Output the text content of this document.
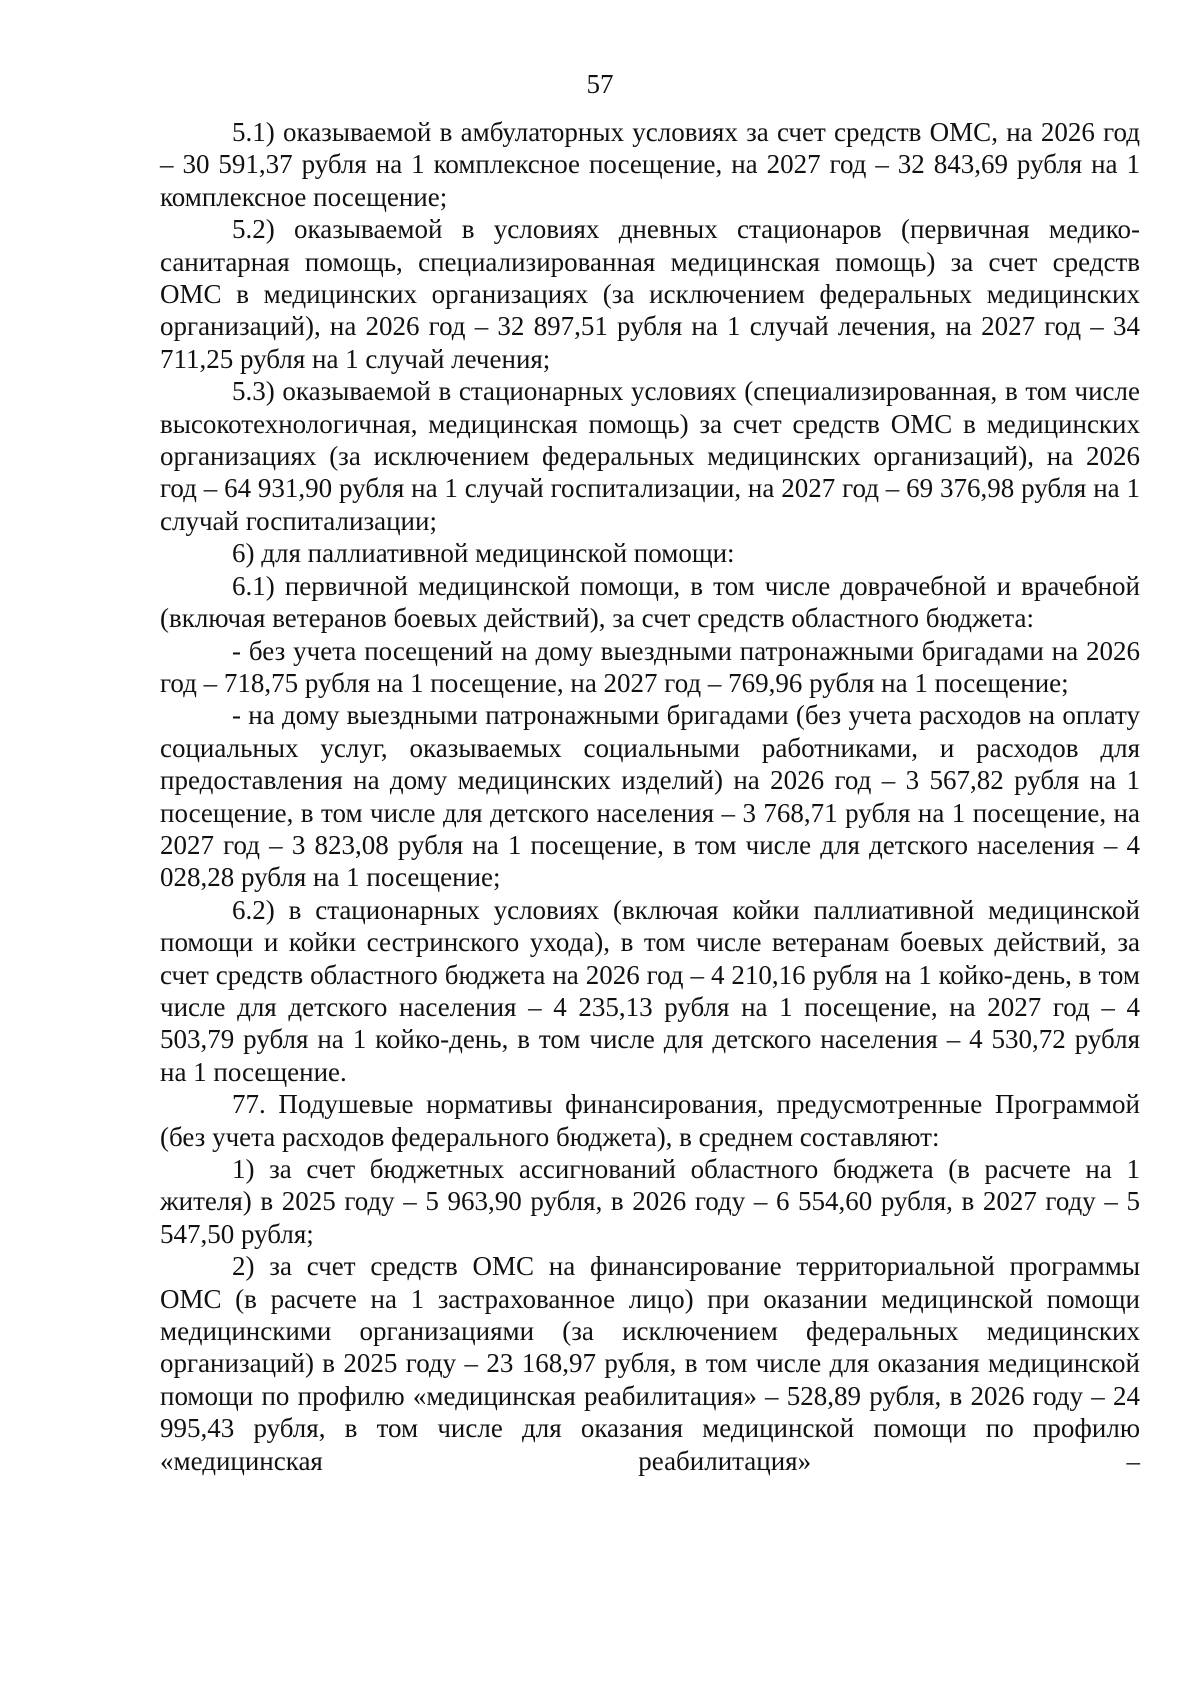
57

5.1) оказываемой в амбулаторных условиях за счет средств ОМС, на 2026 год – 30 591,37 рубля на 1 комплексное посещение, на 2027 год – 32 843,69 рубля на 1 комплексное посещение;

5.2) оказываемой в условиях дневных стационаров (первичная медико-санитарная помощь, специализированная медицинская помощь) за счет средств ОМС в медицинских организациях (за исключением федеральных медицинских организаций), на 2026 год – 32 897,51 рубля на 1 случай лечения, на 2027 год – 34 711,25 рубля на 1 случай лечения;

5.3) оказываемой в стационарных условиях (специализированная, в том числе высокотехнологичная, медицинская помощь) за счет средств ОМС в медицинских организациях (за исключением федеральных медицинских организаций), на 2026 год – 64 931,90 рубля на 1 случай госпитализации, на 2027 год – 69 376,98 рубля на 1 случай госпитализации;

6) для паллиативной медицинской помощи:

6.1) первичной медицинской помощи, в том числе доврачебной и врачебной (включая ветеранов боевых действий), за счет средств областного бюджета:

- без учета посещений на дому выездными патронажными бригадами на 2026 год – 718,75 рубля на 1 посещение, на 2027 год – 769,96 рубля на 1 посещение;

- на дому выездными патронажными бригадами (без учета расходов на оплату социальных услуг, оказываемых социальными работниками, и расходов для предоставления на дому медицинских изделий) на 2026 год – 3 567,82 рубля на 1 посещение, в том числе для детского населения – 3 768,71 рубля на 1 посещение, на 2027 год – 3 823,08 рубля на 1 посещение, в том числе для детского населения – 4 028,28 рубля на 1 посещение;

6.2) в стационарных условиях (включая койки паллиативной медицинской помощи и койки сестринского ухода), в том числе ветеранам боевых действий, за счет средств областного бюджета на 2026 год – 4 210,16 рубля на 1 койко-день, в том числе для детского населения – 4 235,13 рубля на 1 посещение, на 2027 год – 4 503,79 рубля на 1 койко-день, в том числе для детского населения – 4 530,72 рубля на 1 посещение.

77. Подушевые нормативы финансирования, предусмотренные Программой (без учета расходов федерального бюджета), в среднем составляют:

1) за счет бюджетных ассигнований областного бюджета (в расчете на 1 жителя) в 2025 году – 5 963,90 рубля, в 2026 году – 6 554,60 рубля, в 2027 году – 5 547,50 рубля;

2) за счет средств ОМС на финансирование территориальной программы ОМС (в расчете на 1 застрахованное лицо) при оказании медицинской помощи медицинскими организациями (за исключением федеральных медицинских организаций) в 2025 году – 23 168,97 рубля, в том числе для оказания медицинской помощи по профилю «медицинская реабилитация» – 528,89 рубля, в 2026 году – 24 995,43 рубля, в том числе для оказания медицинской помощи по профилю «медицинская реабилитация» –
